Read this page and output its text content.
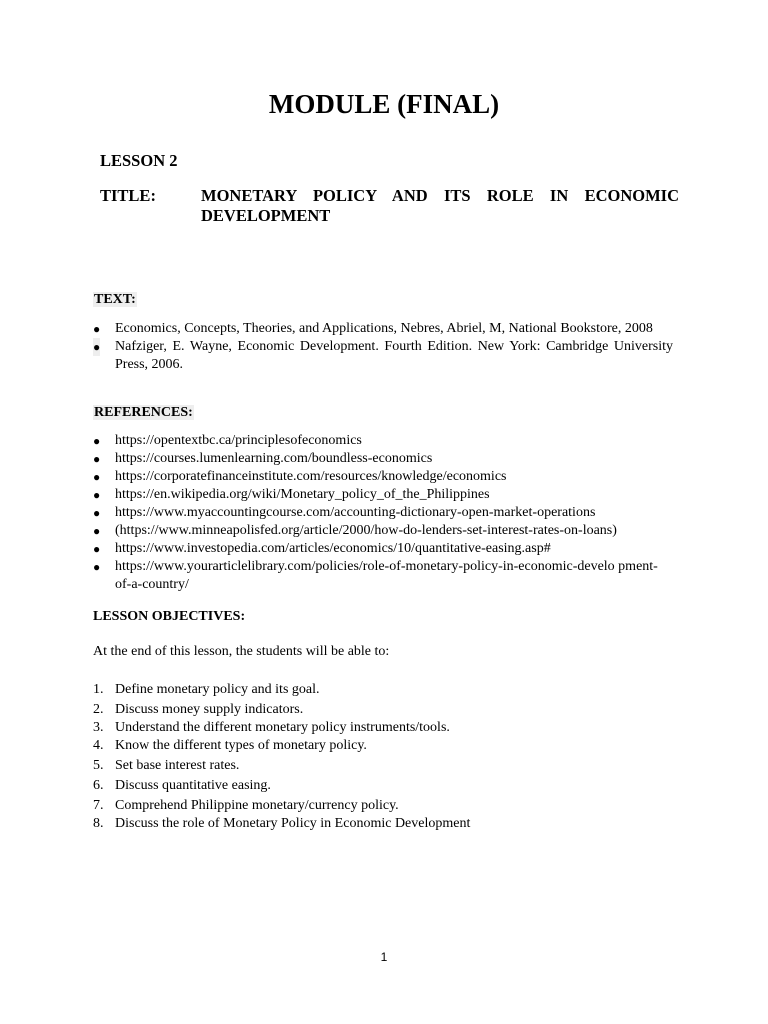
MODULE (FINAL)
LESSON 2
TITLE:	MONETARY POLICY AND ITS ROLE IN ECONOMIC DEVELOPMENT
TEXT:
● Economics, Concepts, Theories, and Applications, Nebres, Abriel, M, National Bookstore, 2008
● Nafziger, E. Wayne, Economic Development. Fourth Edition. New York: Cambridge University Press, 2006.
REFERENCES:
● https://opentextbc.ca/principlesofeconomics
● https://courses.lumenlearning.com/boundless-economics
● https://corporatefinanceinstitute.com/resources/knowledge/economics
● https://en.wikipedia.org/wiki/Monetary_policy_of_the_Philippines
● https://www.myaccountingcourse.com/accounting-dictionary-open-market-operations
● (https://www.minneapolisfed.org/article/2000/how-do-lenders-set-interest-rates-on-loans)
● https://www.investopedia.com/articles/economics/10/quantitative-easing.asp#
● https://www.yourarticlelibrary.com/policies/role-of-monetary-policy-in-economic-develo pment-of-a-country/
LESSON OBJECTIVES:
At the end of this lesson, the students will be able to:
1. Define monetary policy and its goal.
2. Discuss money supply indicators.
3. Understand the different monetary policy instruments/tools.
4. Know the different types of monetary policy.
5. Set base interest rates.
6. Discuss quantitative easing.
7. Comprehend Philippine monetary/currency policy.
8. Discuss the role of Monetary Policy in Economic Development
1
